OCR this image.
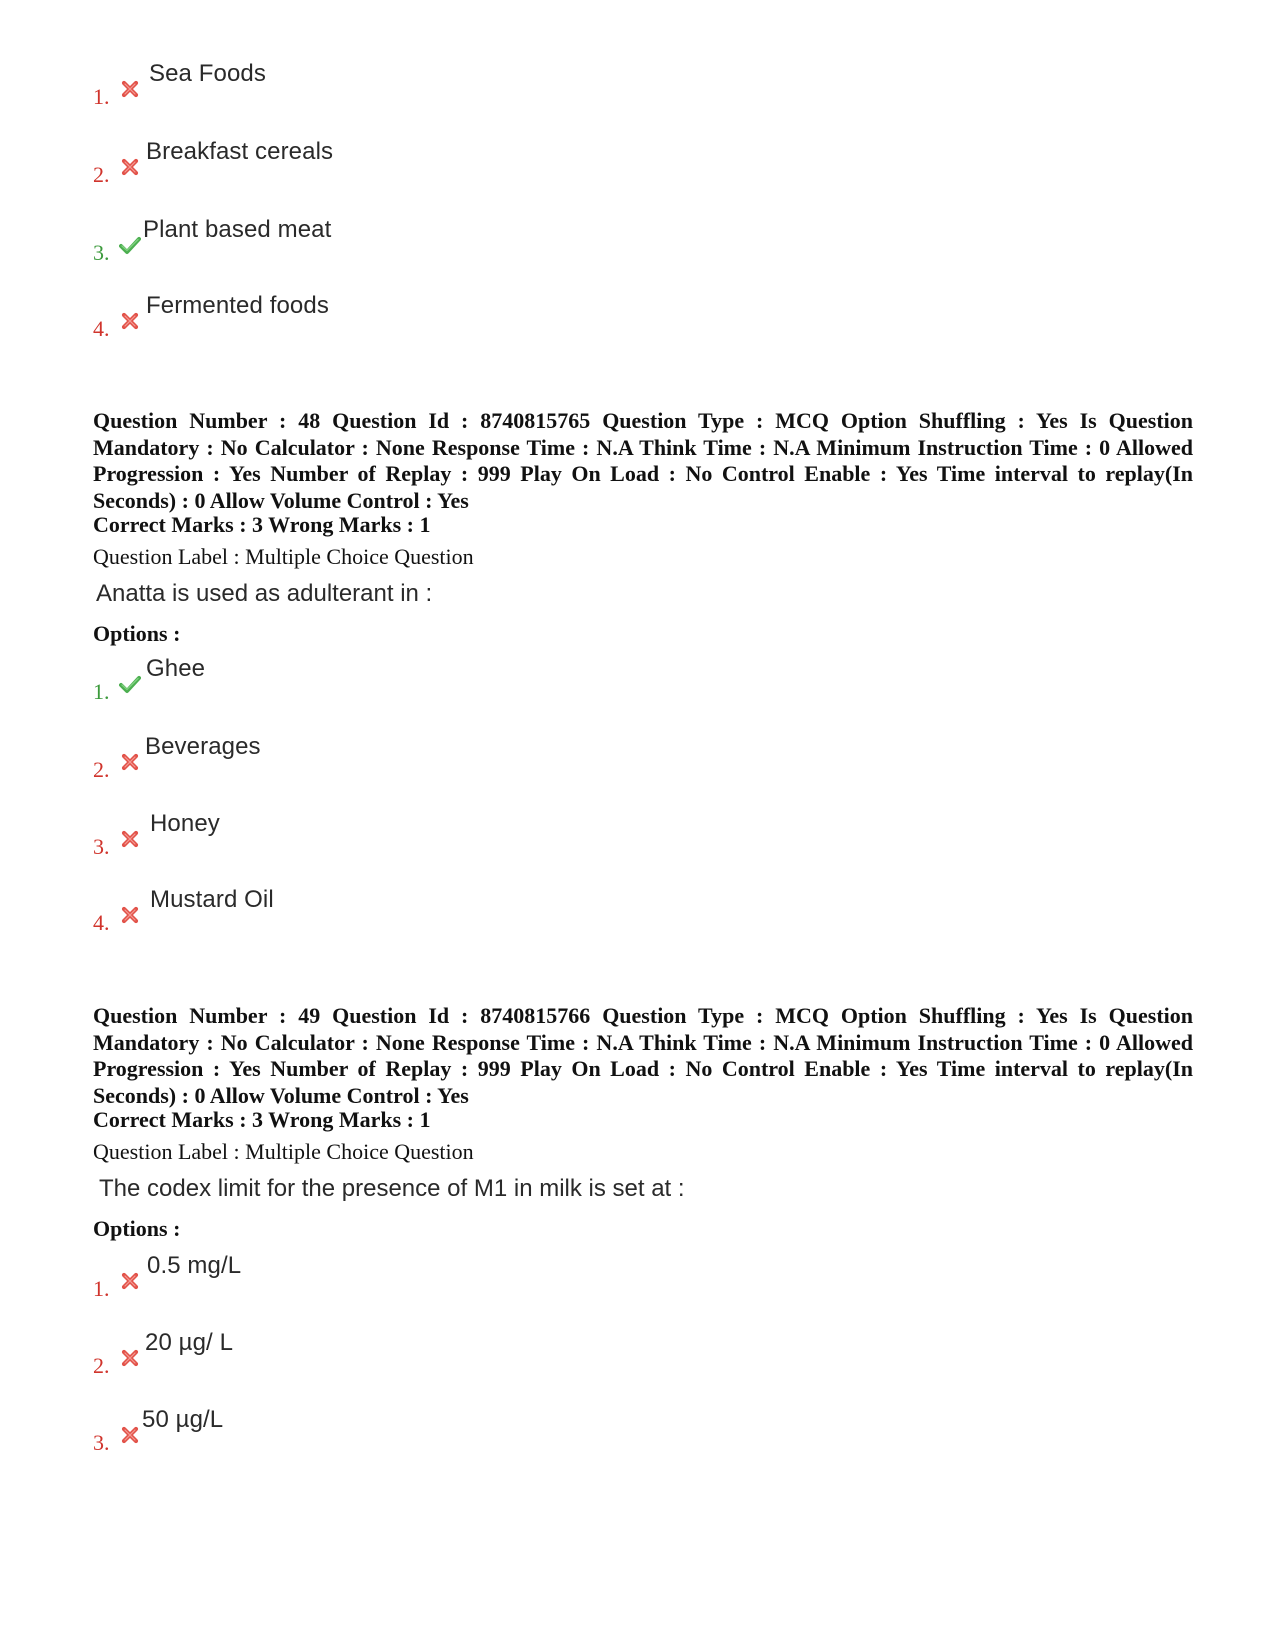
1.
Sea Foods
2.
Breakfast cereals
3.
Plant based meat
4.
Fermented foods
Question Number : 48 Question Id : 8740815765 Question Type : MCQ Option Shuffling : Yes Is Question Mandatory : No Calculator : None Response Time : N.A Think Time : N.A Minimum Instruction Time : 0 Allowed Progression : Yes Number of Replay : 999 Play On Load : No Control Enable : Yes Time interval to replay(In Seconds) : 0 Allow Volume Control : Yes
Correct Marks : 3 Wrong Marks : 1
Question Label : Multiple Choice Question
Anatta is used as adulterant in :
Options :
1.
Ghee
2.
Beverages
3.
Honey
4.
Mustard Oil
Question Number : 49 Question Id : 8740815766 Question Type : MCQ Option Shuffling : Yes Is Question Mandatory : No Calculator : None Response Time : N.A Think Time : N.A Minimum Instruction Time : 0 Allowed Progression : Yes Number of Replay : 999 Play On Load : No Control Enable : Yes Time interval to replay(In Seconds) : 0 Allow Volume Control : Yes
Correct Marks : 3 Wrong Marks : 1
Question Label : Multiple Choice Question
The codex limit for the presence of M1 in milk is set at :
Options :
1.
0.5 mg/L
2.
20 µg/ L
3.
50 µg/L
